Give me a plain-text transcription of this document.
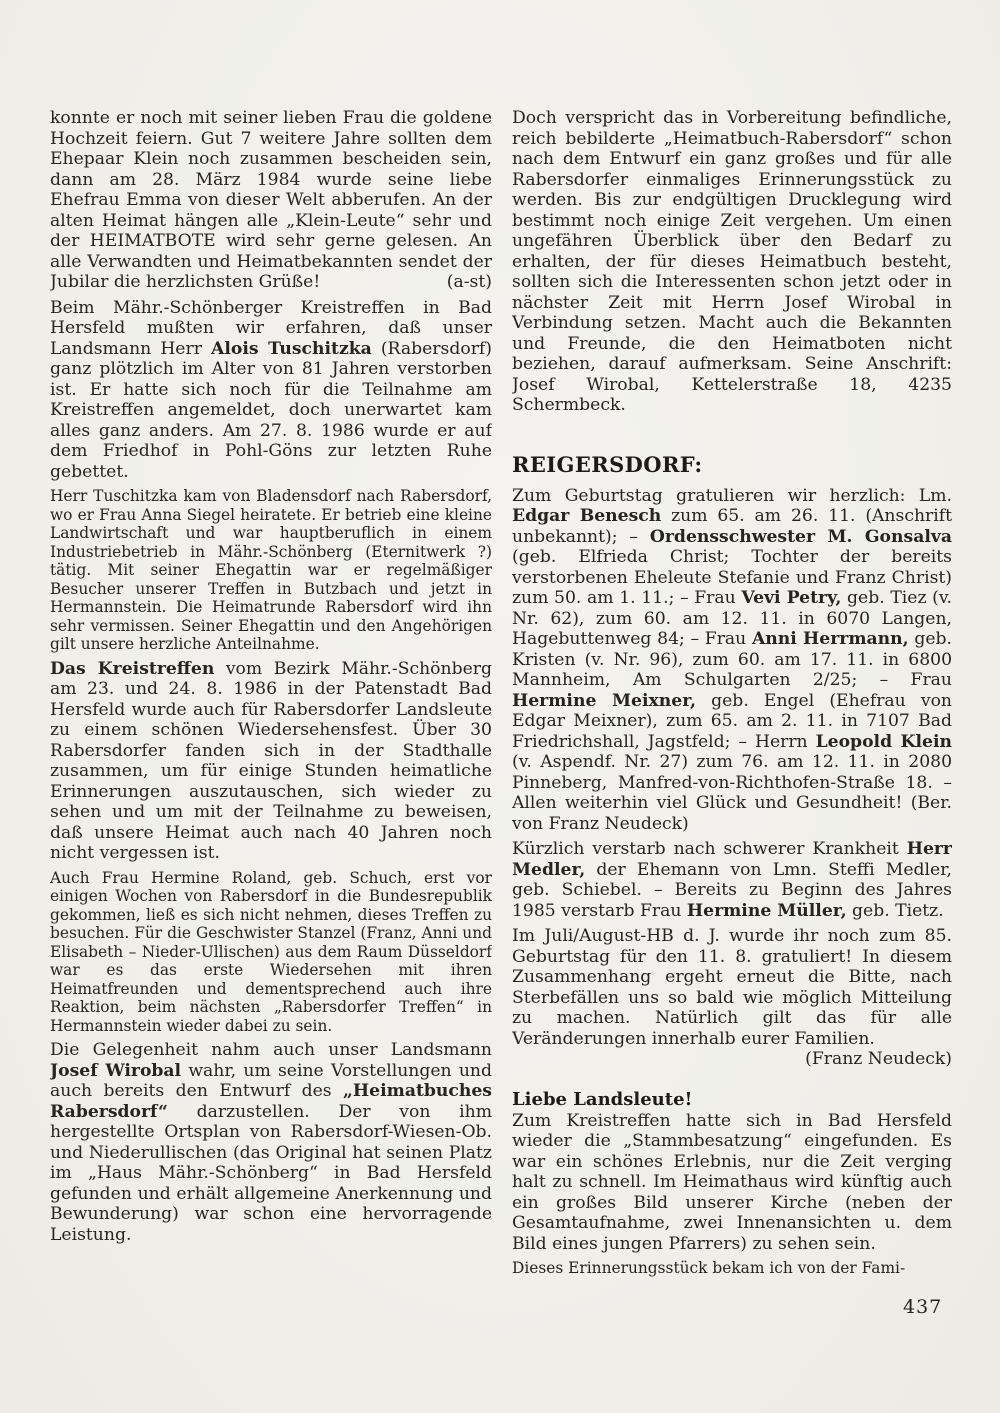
konnte er noch mit seiner lieben Frau die goldene Hochzeit feiern. Gut 7 weitere Jahre sollten dem Ehepaar Klein noch zusammen bescheiden sein, dann am 28. März 1984 wurde seine liebe Ehefrau Emma von dieser Welt abberufen. An der alten Heimat hängen alle „Klein-Leute“ sehr und der HEIMATBOTE wird sehr gerne gelesen. An alle Verwandten und Heimatbekannten sendet der Jubilar die herzlichsten Grüße!	(a-st)
Beim Mähr.-Schönberger Kreistreffen in Bad Hersfeld mußten wir erfahren, daß unser Landsmann Herr Alois Tuschitzka (Rabersdorf) ganz plötzlich im Alter von 81 Jahren verstorben ist. Er hatte sich noch für die Teilnahme am Kreistreffen angemeldet, doch unerwartet kam alles ganz anders. Am 27. 8. 1986 wurde er auf dem Friedhof in Pohl-Göns zur letzten Ruhe gebettet.
Herr Tuschitzka kam von Bladensdorf nach Rabersdorf, wo er Frau Anna Siegel heiratete. Er betrieb eine kleine Landwirtschaft und war hauptberuflich in einem Industriebetrieb in Mähr.-Schönberg (Eternitwerk ?) tätig. Mit seiner Ehegattin war er regelmäßiger Besucher unserer Treffen in Butzbach und jetzt in Hermannstein. Die Heimatrunde Rabersdorf wird ihn sehr vermissen. Seiner Ehegattin und den Angehörigen gilt unsere herzliche Anteilnahme.
Das Kreistreffen vom Bezirk Mähr.-Schönberg am 23. und 24. 8. 1986 in der Patenstadt Bad Hersfeld wurde auch für Rabersdorfer Landsleute zu einem schönen Wiedersehensfest. Über 30 Rabersdorfer fanden sich in der Stadthalle zusammen, um für einige Stunden heimatliche Erinnerungen auszutauschen, sich wieder zu sehen und um mit der Teilnahme zu beweisen, daß unsere Heimat auch nach 40 Jahren noch nicht vergessen ist.
Auch Frau Hermine Roland, geb. Schuch, erst vor einigen Wochen von Rabersdorf in die Bundesrepublik gekommen, ließ es sich nicht nehmen, dieses Treffen zu besuchen. Für die Geschwister Stanzel (Franz, Anni und Elisabeth – Nieder-Ullischen) aus dem Raum Düsseldorf war es das erste Wiedersehen mit ihren Heimatfreunden und dementsprechend auch ihre Reaktion, beim nächsten „Rabersdorfer Treffen“ in Hermannstein wieder dabei zu sein.
Die Gelegenheit nahm auch unser Landsmann Josef Wirobal wahr, um seine Vorstellungen und auch bereits den Entwurf des „Heimatbuches Rabersdorf“ darzustellen. Der von ihm hergestellte Ortsplan von Rabersdorf-Wiesen-Ob. und Niederullischen (das Original hat seinen Platz im „Haus Mähr.-Schönberg“ in Bad Hersfeld gefunden und erhält allgemeine Anerkennung und Bewunderung) war schon eine hervorragende Leistung.
Doch verspricht das in Vorbereitung befindliche, reich bebilderte „Heimatbuch-Rabersdorf“ schon nach dem Entwurf ein ganz großes und für alle Rabersdorfer einmaliges Erinnerungsstück zu werden. Bis zur endgültigen Drucklegung wird bestimmt noch einige Zeit vergehen. Um einen ungefähren Überblick über den Bedarf zu erhalten, der für dieses Heimatbuch besteht, sollten sich die Interessenten schon jetzt oder in nächster Zeit mit Herrn Josef Wirobal in Verbindung setzen. Macht auch die Bekannten und Freunde, die den Heimatboten nicht beziehen, darauf aufmerksam. Seine Anschrift: Josef Wirobal, Kettelerstraße 18, 4235 Schermbeck.
REIGERSDORF:
Zum Geburtstag gratulieren wir herzlich: Lm. Edgar Benesch zum 65. am 26. 11. (Anschrift unbekannt); – Ordensschwester M. Gonsalva (geb. Elfrieda Christ; Tochter der bereits verstorbenen Eheleute Stefanie und Franz Christ) zum 50. am 1. 11.; – Frau Vevi Petry, geb. Tiez (v. Nr. 62), zum 60. am 12. 11. in 6070 Langen, Hagebuttenweg 84; – Frau Anni Herrmann, geb. Kristen (v. Nr. 96), zum 60. am 17. 11. in 6800 Mannheim, Am Schulgarten 2/25; – Frau Hermine Meixner, geb. Engel (Ehefrau von Edgar Meixner), zum 65. am 2. 11. in 7107 Bad Friedrichshall, Jagstfeld; – Herrn Leopold Klein (v. Aspendf. Nr. 27) zum 76. am 12. 11. in 2080 Pinneberg, Manfred-von-Richthofen-Straße 18. – Allen weiterhin viel Glück und Gesundheit! (Ber. von Franz Neudeck)
Kürzlich verstarb nach schwerer Krankheit Herr Medler, der Ehemann von Lmn. Steffi Medler, geb. Schiebel. – Bereits zu Beginn des Jahres 1985 verstarb Frau Hermine Müller, geb. Tietz.
Im Juli/August-HB d. J. wurde ihr noch zum 85. Geburtstag für den 11. 8. gratuliert! In diesem Zusammenhang ergeht erneut die Bitte, nach Sterbefällen uns so bald wie möglich Mitteilung zu machen. Natürlich gilt das für alle Veränderungen innerhalb eurer Familien.
(Franz Neudeck)
Liebe Landsleute!
Zum Kreistreffen hatte sich in Bad Hersfeld wieder die „Stammbesatzung“ eingefunden. Es war ein schönes Erlebnis, nur die Zeit verging halt zu schnell. Im Heimathaus wird künftig auch ein großes Bild unserer Kirche (neben der Gesamtaufnahme, zwei Innenansichten u. dem Bild eines jungen Pfarrers) zu sehen sein.
Dieses Erinnerungsstück bekam ich von der Fami-
437
